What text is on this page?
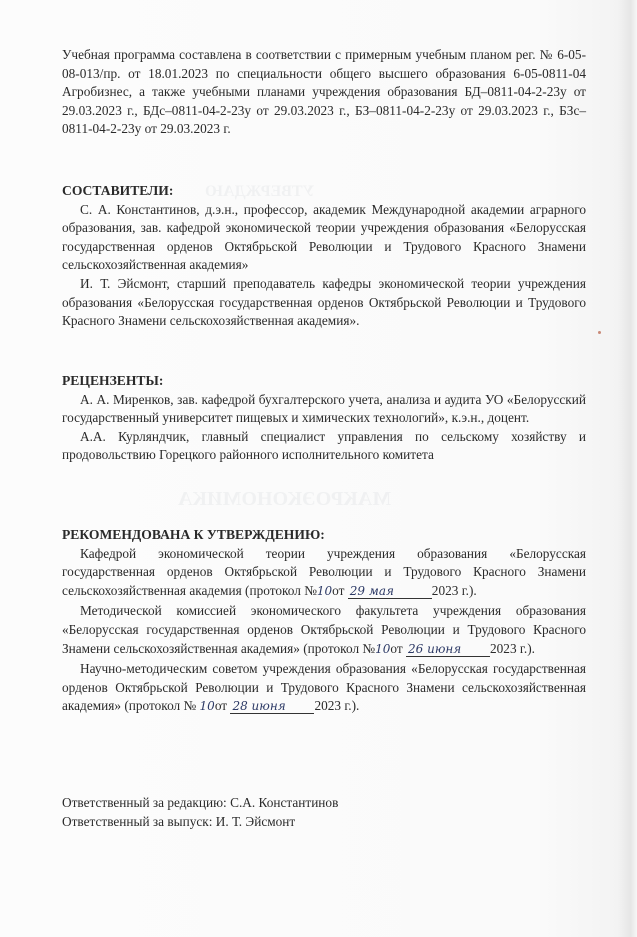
МАКРОЭКОНОМИКА
УТВЕРЖДАЮ

Учебная программа составлена в соответствии с примерным учебным планом рег. № 6-05-08-013/пр. от 18.01.2023 по специальности общего высшего образования 6-05-0811-04 Агробизнес, а также учебными планами учреждения образования БД–0811-04-2-23у от 29.03.2023 г., БДс–0811-04-2-23у от 29.03.2023 г., БЗ–0811-04-2-23у от 29.03.2023 г., БЗс–0811-04-2-23у от 29.03.2023 г.

СОСТАВИТЕЛИ:

С. А. Константинов, д.э.н., профессор, академик Международной академии аграрного образования, зав. кафедрой экономической теории учреждения образования «Белорусская государственная орденов Октябрьской Революции и Трудового Красного Знамени сельскохозяйственная академия»

И. Т. Эйсмонт, старший преподаватель кафедры экономической теории учреждения образования «Белорусская государственная орденов Октябрьской Революции и Трудового Красного Знамени сельскохозяйственная академия».

РЕЦЕНЗЕНТЫ:

А. А. Миренков, зав. кафедрой бухгалтерского учета, анализа и аудита УО «Белорусский государственный университет пищевых и химических технологий», к.э.н., доцент.

А.А. Курляндчик, главный специалист управления по сельскому хозяйству и продовольствию Горецкого районного исполнительного комитета

РЕКОМЕНДОВАНА К УТВЕРЖДЕНИЮ:

Кафедрой экономической теории учреждения образования «Белорусская государственная орденов Октябрьской Революции и Трудового Красного Знамени сельскохозяйственная академия (протокол №10от 29 мая	2023 г.).

Методической комиссией экономического факультета учреждения образования «Белорусская государственная орденов Октябрьской Революции и Трудового Красного Знамени сельскохозяйственная академия» (протокол №10от 26 июня 2023 г.).

Научно-методическим советом учреждения образования «Белорусская государственная орденов Октябрьской Революции и Трудового Красного Знамени сельскохозяйственная академия» (протокол № 10от 28 июня 2023 г.).

Ответственный за редакцию: С.А. Константинов

Ответственный за выпуск: И. Т. Эйсмонт
